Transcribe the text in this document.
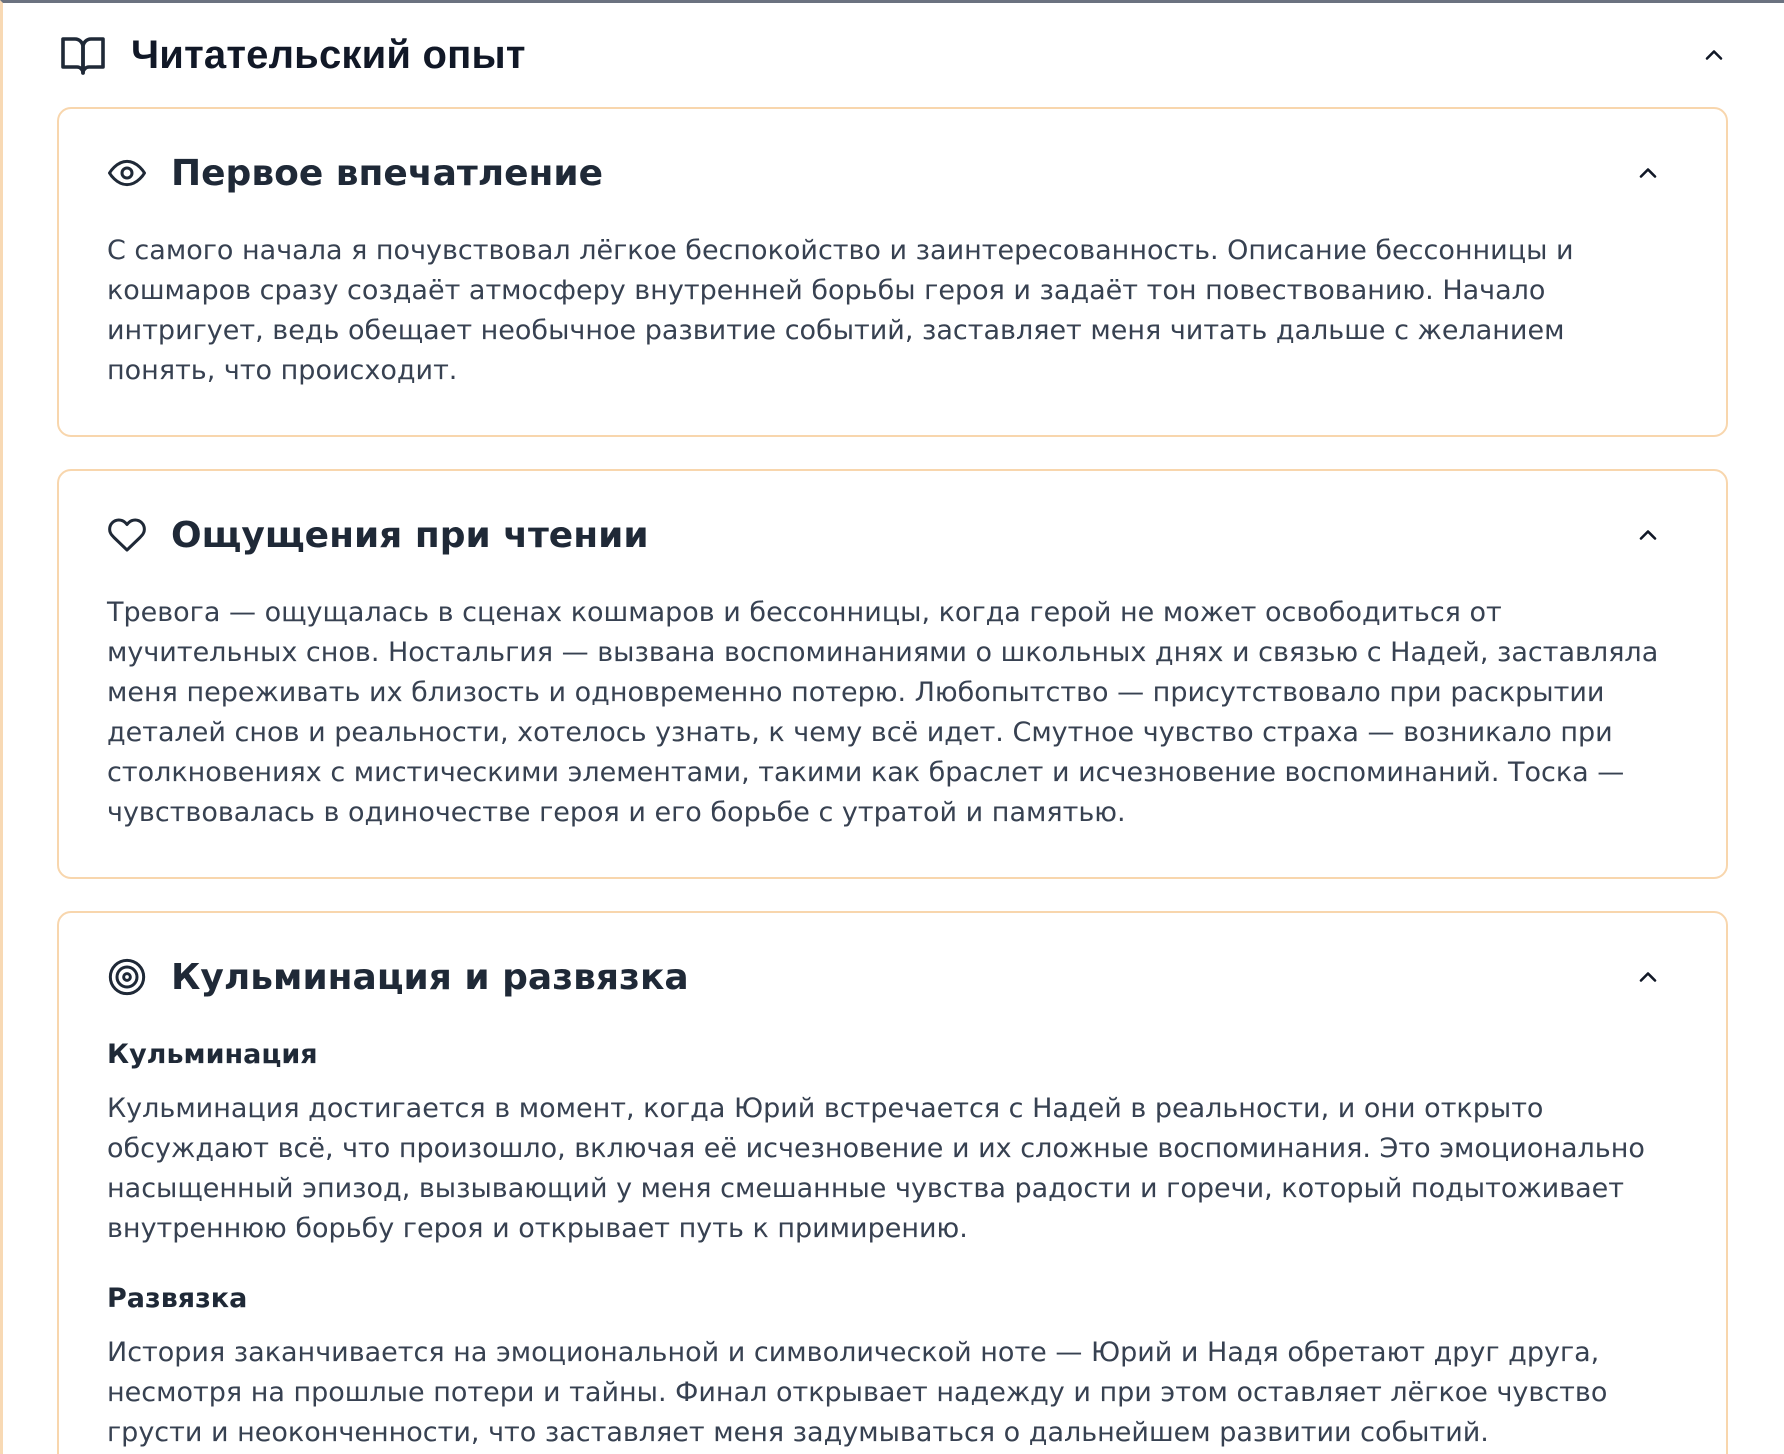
Читательский опыт
Первое впечатление

С самого начала я почувствовал лёгкое беспокойство и заинтересованность. Описание бессонницы и кошмаров сразу создаёт атмосферу внутренней борьбы героя и задаёт тон повествованию. Начало интригует, ведь обещает необычное развитие событий, заставляет меня читать дальше с желанием понять, что происходит.

Ощущения при чтении

Тревога — ощущалась в сценах кошмаров и бессонницы, когда герой не может освободиться от мучительных снов. Ностальгия — вызвана воспоминаниями о школьных днях и связью с Надей, заставляла меня переживать их близость и одновременно потерю. Любопытство — присутствовало при раскрытии деталей снов и реальности, хотелось узнать, к чему всё идет. Смутное чувство страха — возникало при столкновениях с мистическими элементами, такими как браслет и исчезновение воспоминаний. Тоска — чувствовалась в одиночестве героя и его борьбе с утратой и памятью.

Кульминация и развязка
Кульминация

Кульминация достигается в момент, когда Юрий встречается с Надей в реальности, и они открыто обсуждают всё, что произошло, включая её исчезновение и их сложные воспоминания. Это эмоционально насыщенный эпизод, вызывающий у меня смешанные чувства радости и горечи, который подытоживает внутреннюю борьбу героя и открывает путь к примирению.

Развязка

История заканчивается на эмоциональной и символической ноте — Юрий и Надя обретают друг друга, несмотря на прошлые потери и тайны. Финал открывает надежду и при этом оставляет лёгкое чувство грусти и неоконченности, что заставляет меня задумываться о дальнейшем развитии событий.
